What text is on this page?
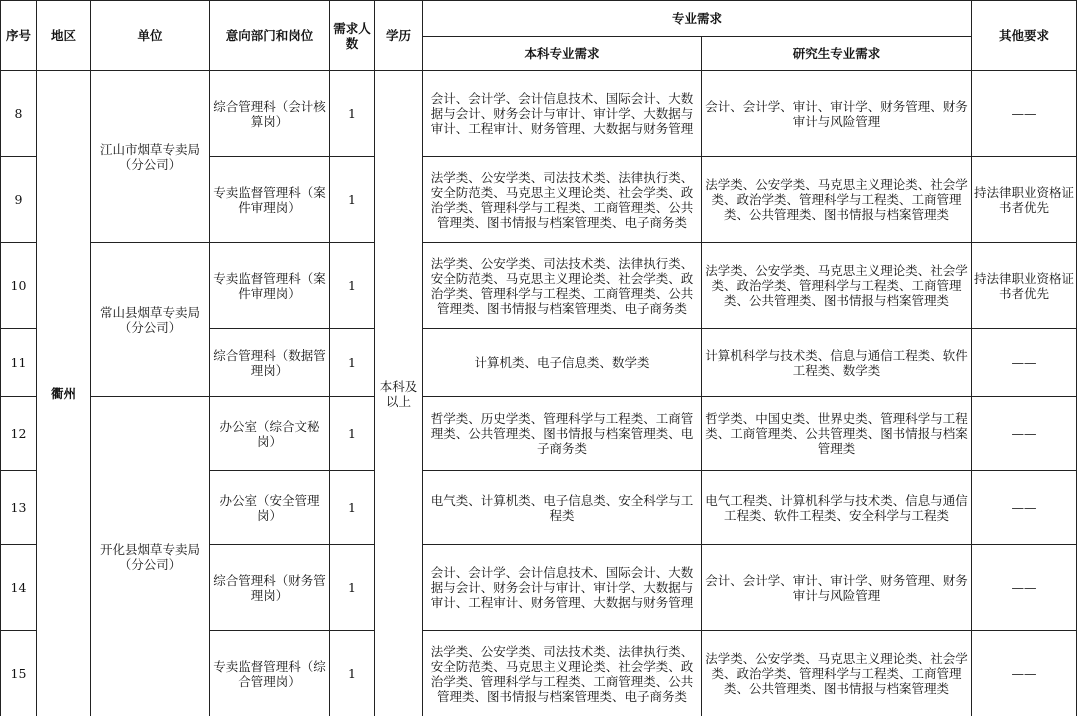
序号	地区	单位	意向部门和岗位	需求人数	学历	专业需求		其他要求
						本科专业需求	研究生专业需求	
8	衢州	江山市烟草专卖局（分公司）	综合管理科（会计核算岗）	1	本科及以上	会计、会计学、会计信息技术、国际会计、大数据与会计、财务会计与审计、审计学、大数据与审计、工程审计、财务管理、大数据与财务管理	会计、会计学、审计、审计学、财务管理、财务审计与风险管理	——
9			专卖监督管理科（案件审理岗）	1		法学类、公安学类、司法技术类、法律执行类、安全防范类、马克思主义理论类、社会学类、政治学类、管理科学与工程类、工商管理类、公共管理类、图书情报与档案管理类、电子商务类	法学类、公安学类、马克思主义理论类、社会学类、政治学类、管理科学与工程类、工商管理类、公共管理类、图书情报与档案管理类	持法律职业资格证书者优先
10		常山县烟草专卖局（分公司）	专卖监督管理科（案件审理岗）	1		法学类、公安学类、司法技术类、法律执行类、安全防范类、马克思主义理论类、社会学类、政治学类、管理科学与工程类、工商管理类、公共管理类、图书情报与档案管理类、电子商务类	法学类、公安学类、马克思主义理论类、社会学类、政治学类、管理科学与工程类、工商管理类、公共管理类、图书情报与档案管理类	持法律职业资格证书者优先
11			综合管理科（数据管理岗）	1		计算机类、电子信息类、数学类	计算机科学与技术类、信息与通信工程类、软件工程类、数学类	——
12		开化县烟草专卖局（分公司）	办公室（综合文秘岗）	1		哲学类、历史学类、管理科学与工程类、工商管理类、公共管理类、图书情报与档案管理类、电子商务类	哲学类、中国史类、世界史类、管理科学与工程类、工商管理类、公共管理类、图书情报与档案管理类	——
13			办公室（安全管理岗）	1		电气类、计算机类、电子信息类、安全科学与工程类	电气工程类、计算机科学与技术类、信息与通信工程类、软件工程类、安全科学与工程类	——
14			综合管理科（财务管理岗）	1		会计、会计学、会计信息技术、国际会计、大数据与会计、财务会计与审计、审计学、大数据与审计、工程审计、财务管理、大数据与财务管理	会计、会计学、审计、审计学、财务管理、财务审计与风险管理	——
15			专卖监督管理科（综合管理岗）	1		法学类、公安学类、司法技术类、法律执行类、安全防范类、马克思主义理论类、社会学类、政治学类、管理科学与工程类、工商管理类、公共管理类、图书情报与档案管理类、电子商务类	法学类、公安学类、马克思主义理论类、社会学类、政治学类、管理科学与工程类、工商管理类、公共管理类、图书情报与档案管理类	——
